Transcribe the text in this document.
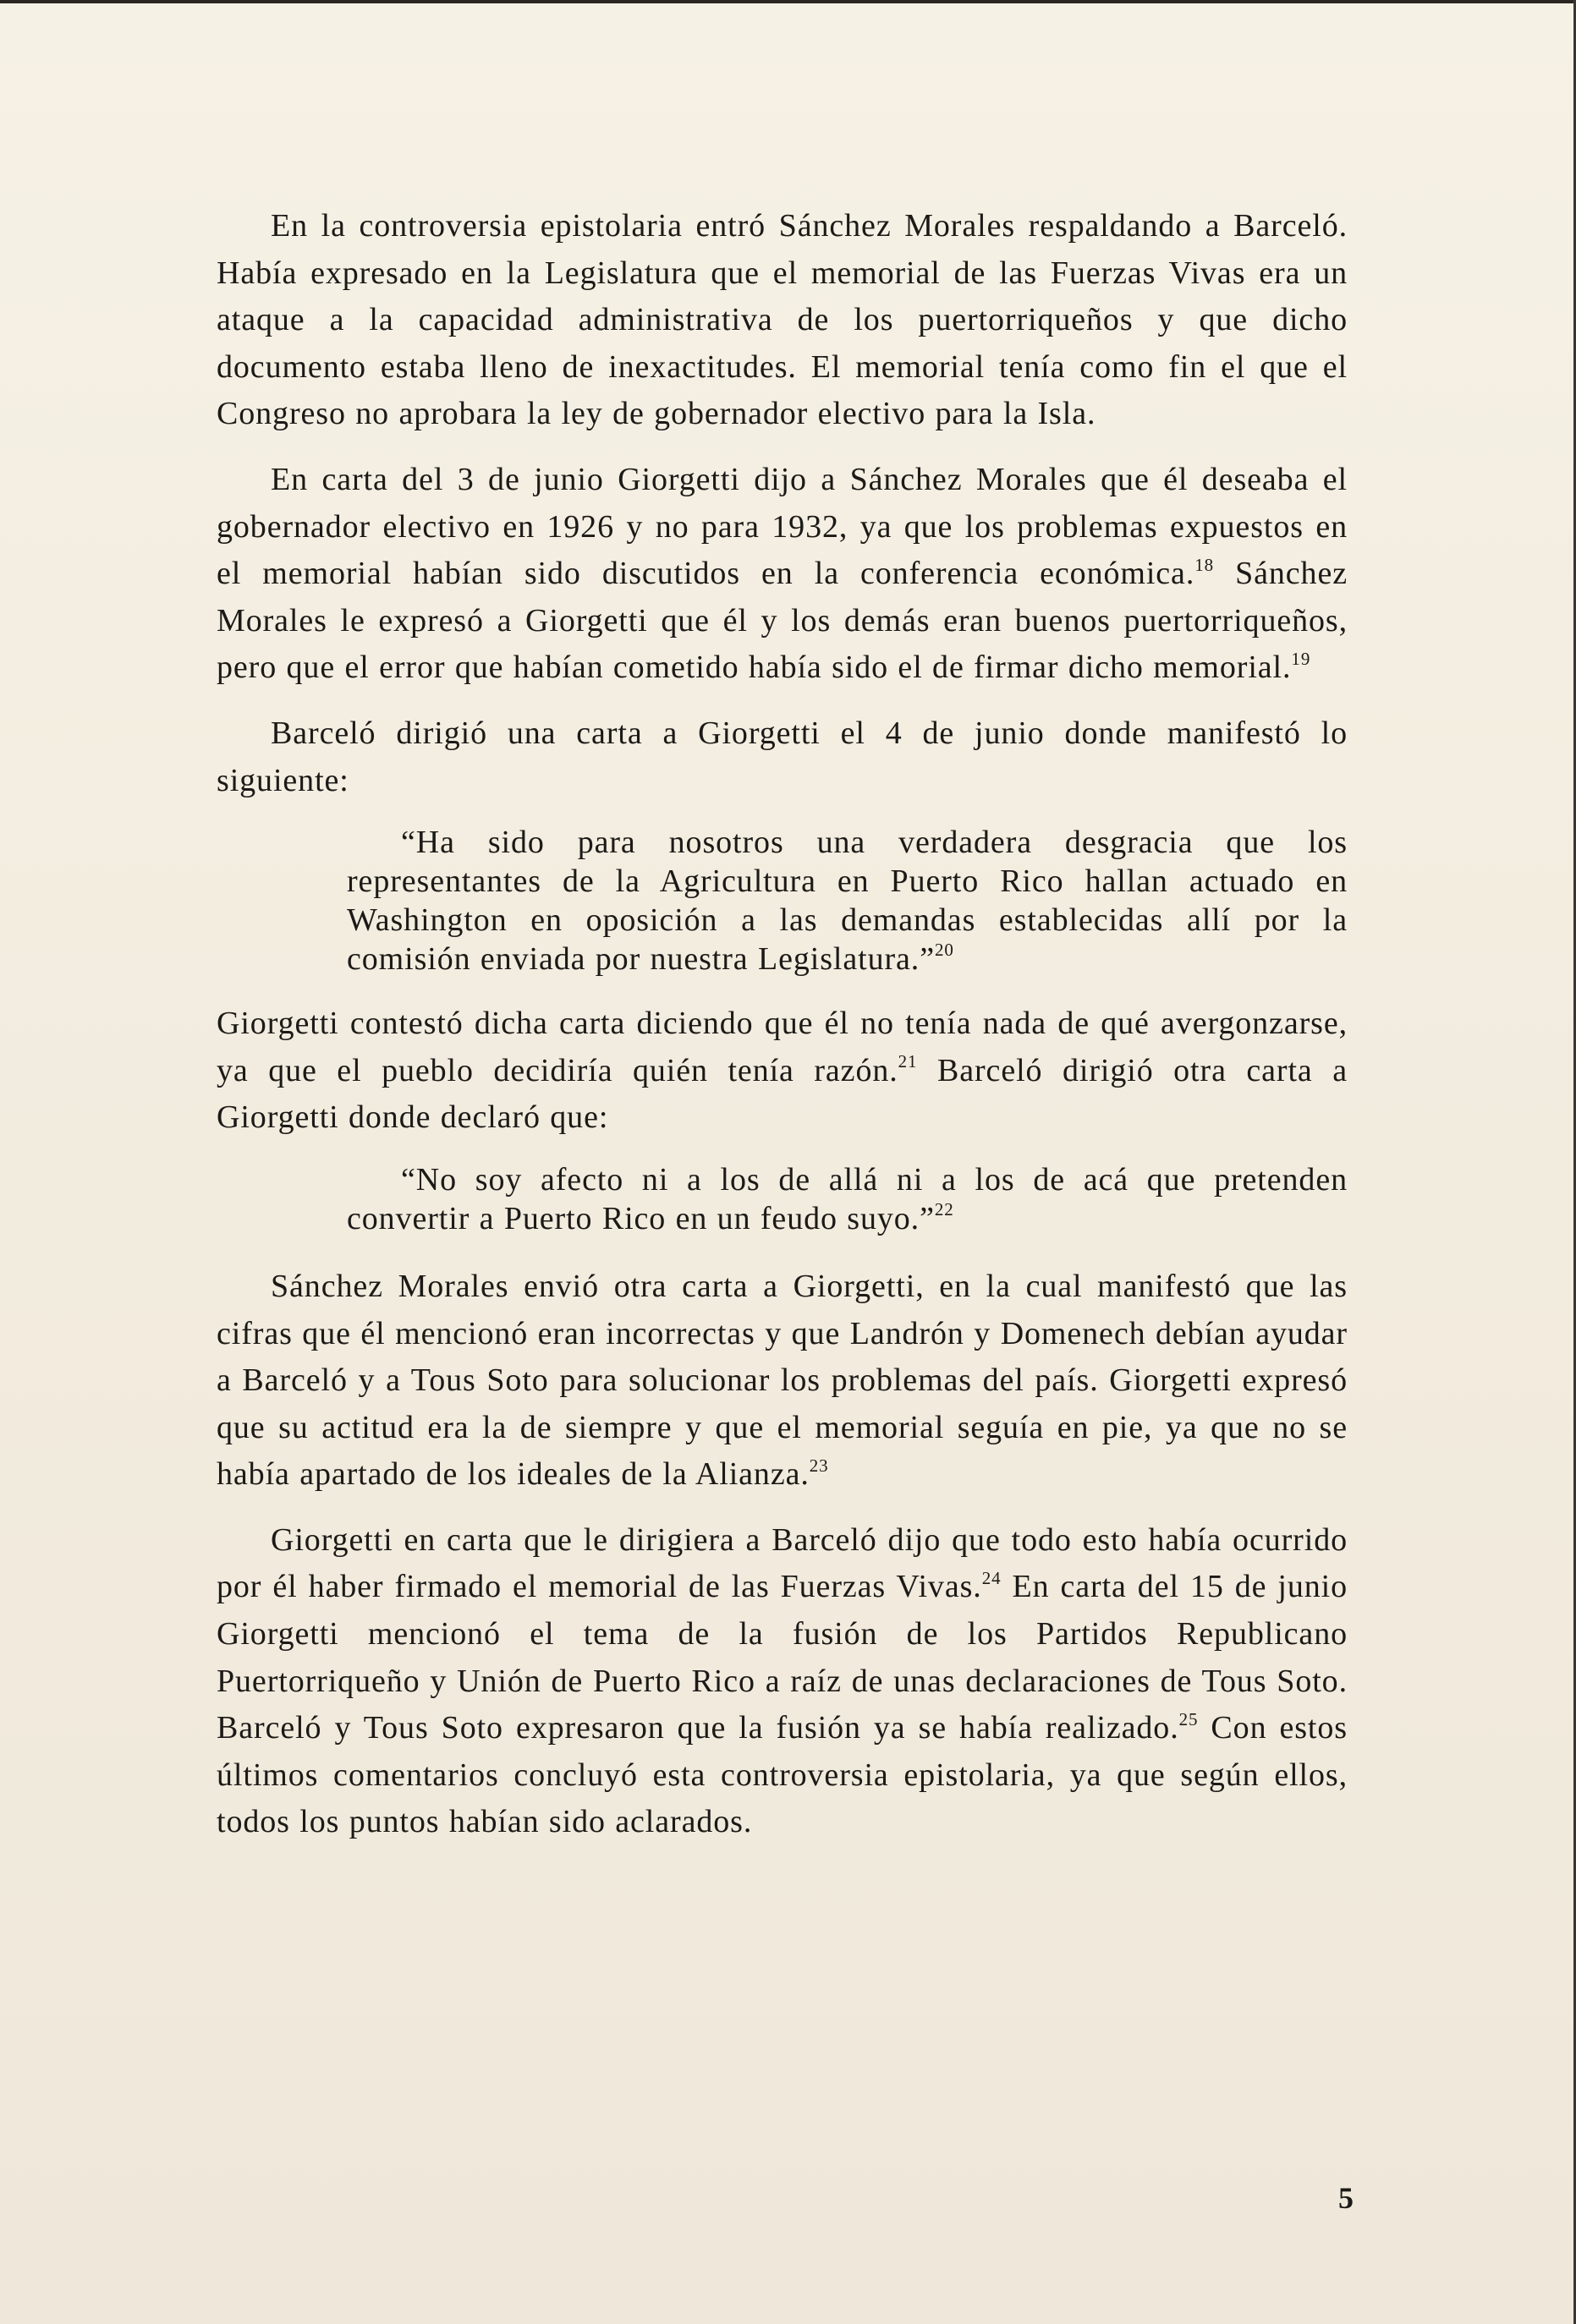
En la controversia epistolaria entró Sánchez Morales respaldando a Barceló. Había expresado en la Legislatura que el memorial de las Fuerzas Vivas era un ataque a la capacidad administrativa de los puertorriqueños y que dicho documento estaba lleno de inexactitudes. El memorial tenía como fin el que el Congreso no aprobara la ley de gobernador electivo para la Isla.

En carta del 3 de junio Giorgetti dijo a Sánchez Morales que él deseaba el gobernador electivo en 1926 y no para 1932, ya que los problemas expuestos en el memorial habían sido discutidos en la conferencia económica.$^{18}$ Sánchez Morales le expresó a Giorgetti que él y los demás eran buenos puertorriqueños, pero que el error que habían cometido había sido el de firmar dicho memorial.$^{19}$

Barceló dirigió una carta a Giorgetti el 4 de junio donde manifestó lo siguiente:

“Ha sido para nosotros una verdadera desgracia que los representantes de la Agricultura en Puerto Rico hallan actuado en Washington en oposición a las demandas establecidas allí por la comisión enviada por nuestra Legislatura.”$^{20}$

Giorgetti contestó dicha carta diciendo que él no tenía nada de qué avergonzarse, ya que el pueblo decidiría quién tenía razón.$^{21}$ Barceló dirigió otra carta a Giorgetti donde declaró que:

“No soy afecto ni a los de allá ni a los de acá que pretenden convertir a Puerto Rico en un feudo suyo.”$^{22}$

Sánchez Morales envió otra carta a Giorgetti, en la cual manifestó que las cifras que él mencionó eran incorrectas y que Landrón y Domenech debían ayudar a Barceló y a Tous Soto para solucionar los problemas del país. Giorgetti expresó que su actitud era la de siempre y que el memorial seguía en pie, ya que no se había apartado de los ideales de la Alianza.$^{23}$

Giorgetti en carta que le dirigiera a Barceló dijo que todo esto había ocurrido por él haber firmado el memorial de las Fuerzas Vivas.$^{24}$ En carta del 15 de junio Giorgetti mencionó el tema de la fusión de los Partidos Republicano Puertorriqueño y Unión de Puerto Rico a raíz de unas declaraciones de Tous Soto. Barceló y Tous Soto expresaron que la fusión ya se había realizado.$^{25}$ Con estos últimos comentarios concluyó esta controversia epistolaria, ya que según ellos, todos los puntos habían sido aclarados.

5
